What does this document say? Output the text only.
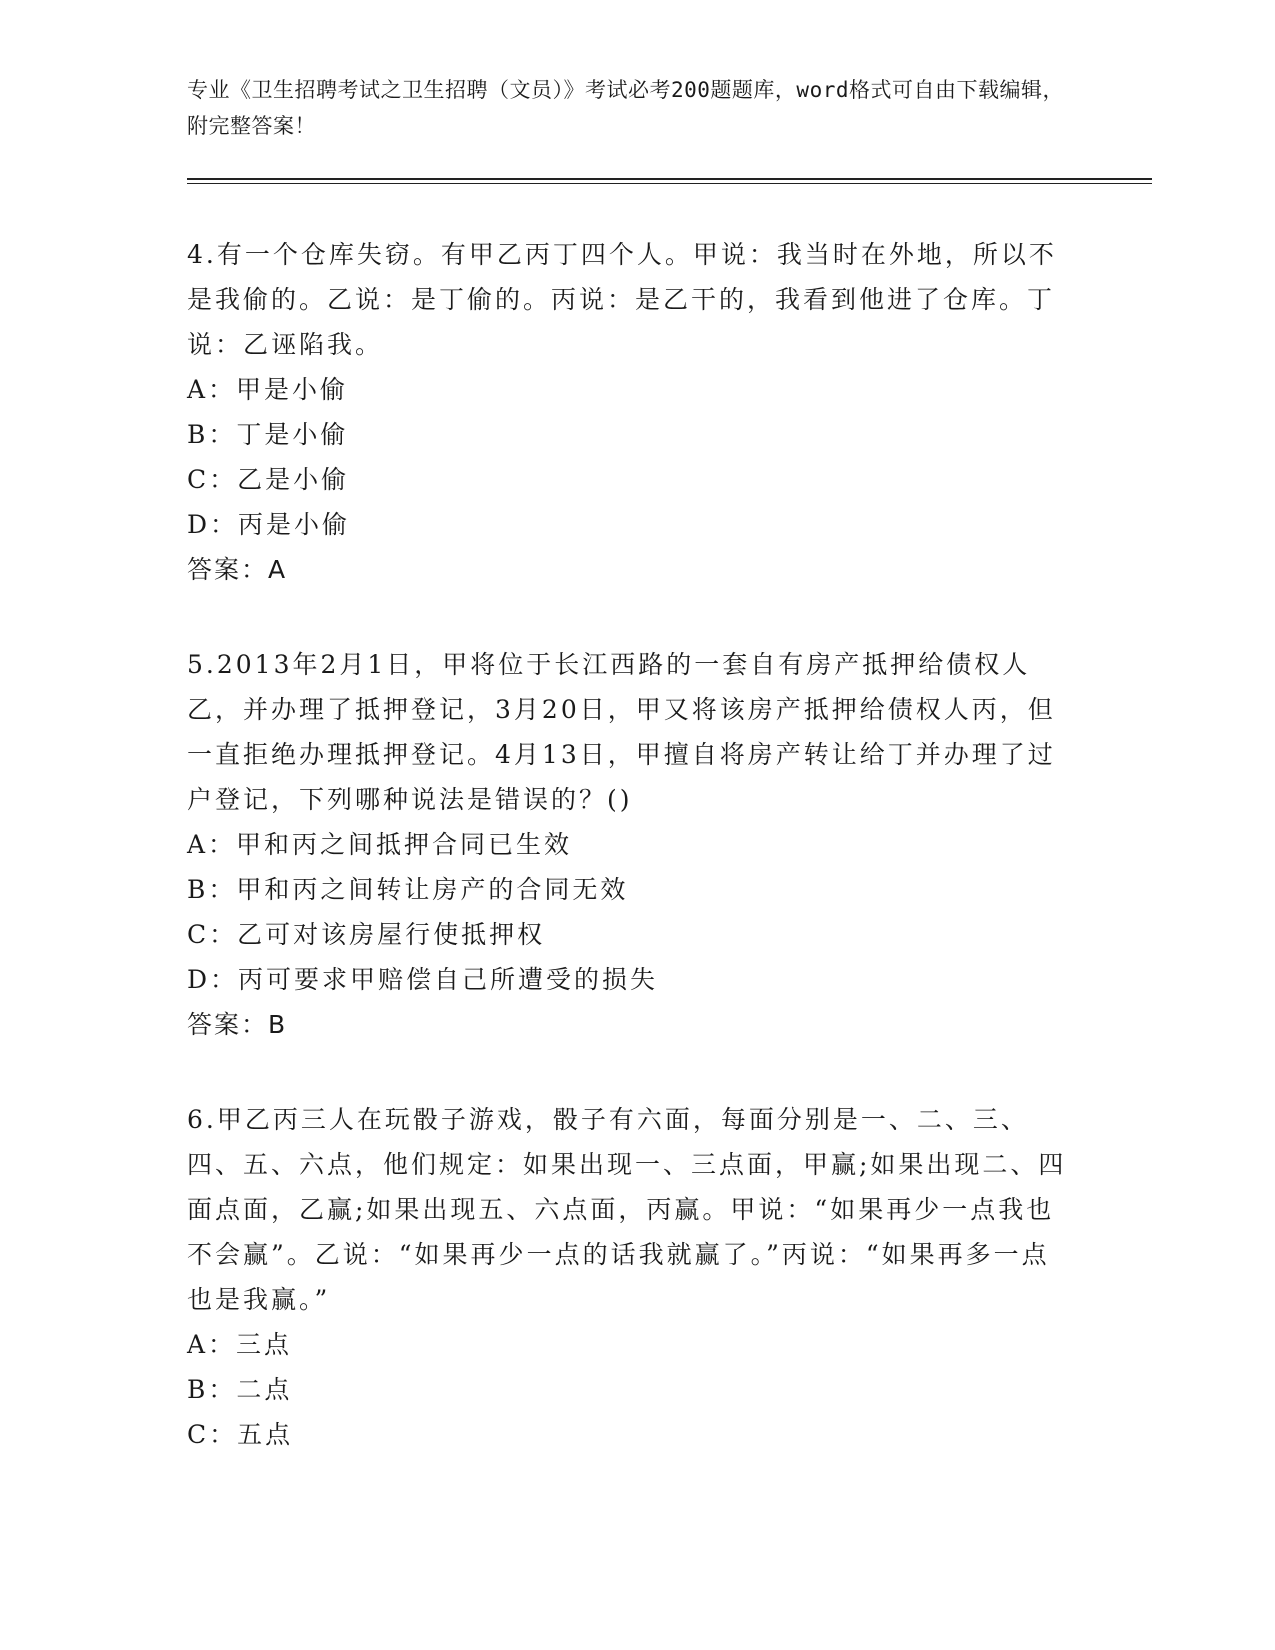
专业《卫生招聘考试之卫生招聘（文员）》考试必考200题题库，word格式可自由下载编辑，附完整答案！

4.有一个仓库失窃。有甲乙丙丁四个人。甲说：我当时在外地，所以不是我偷的。乙说：是丁偷的。丙说：是乙干的，我看到他进了仓库。丁说：乙诬陷我。

A：甲是小偷

B：丁是小偷

C：乙是小偷

D：丙是小偷

答案：A

5.2013年2月1日，甲将位于长江西路的一套自有房产抵押给债权人乙，并办理了抵押登记，3月20日，甲又将该房产抵押给债权人丙，但一直拒绝办理抵押登记。4月13日，甲擅自将房产转让给丁并办理了过户登记，下列哪种说法是错误的？()

A：甲和丙之间抵押合同已生效

B：甲和丙之间转让房产的合同无效

C：乙可对该房屋行使抵押权

D：丙可要求甲赔偿自己所遭受的损失

答案：B

6.甲乙丙三人在玩骰子游戏，骰子有六面，每面分别是一、二、三、四、五、六点，他们规定：如果出现一、三点面，甲赢;如果出现二、四面点面，乙赢;如果出现五、六点面，丙赢。甲说：“如果再少一点我也不会赢”。乙说：“如果再少一点的话我就赢了。”丙说：“如果再多一点也是我赢。”

A：三点

B：二点

C：五点
